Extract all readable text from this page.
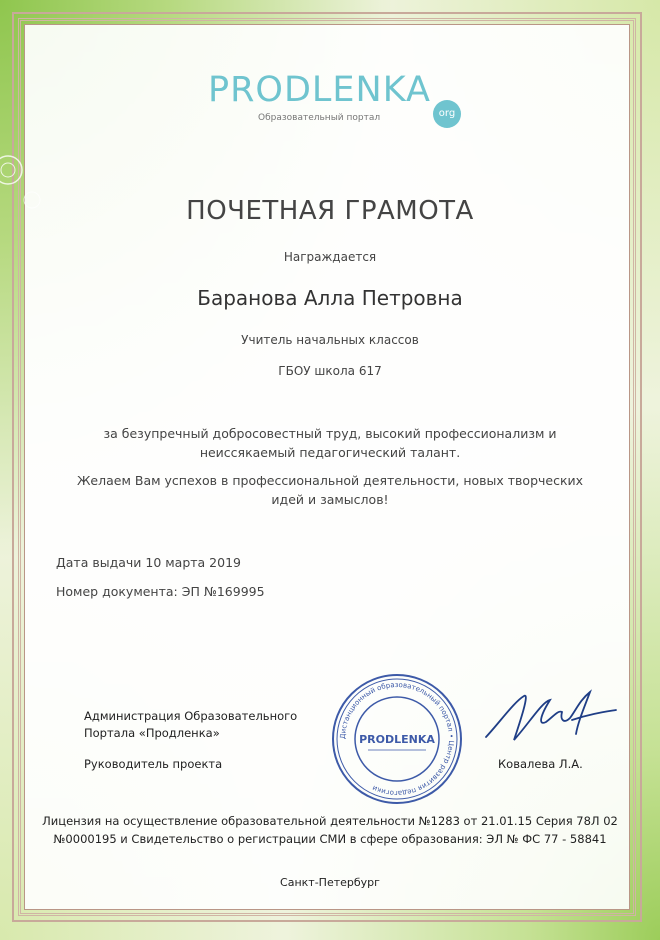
PRODLENKA
org
Образовательный портал
ПОЧЕТНАЯ ГРАМОТА
Награждается
Баранова Алла Петровна
Учитель начальных классов
ГБОУ школа 617
за безупречный добросовестный труд, высокий профессионализм и неиссякаемый педагогический талант.
Желаем Вам успехов в профессиональной деятельности, новых творческих идей и замыслов!
Дата выдачи 10 марта 2019
Номер документа: ЭП №169995
Администрация Образовательного
Портала «Продленка»
Руководитель проекта	Ковалева Л.А.
Дистанционный образовательный портал • Центр развития педагогики
PRODLENKA
Лицензия на осуществление образовательной деятельности №1283 от 21.01.15 Серия 78Л 02
№0000195 и Свидетельство о регистрации СМИ в сфере образования: ЭЛ № ФС 77 - 58841
Санкт-Петербург
